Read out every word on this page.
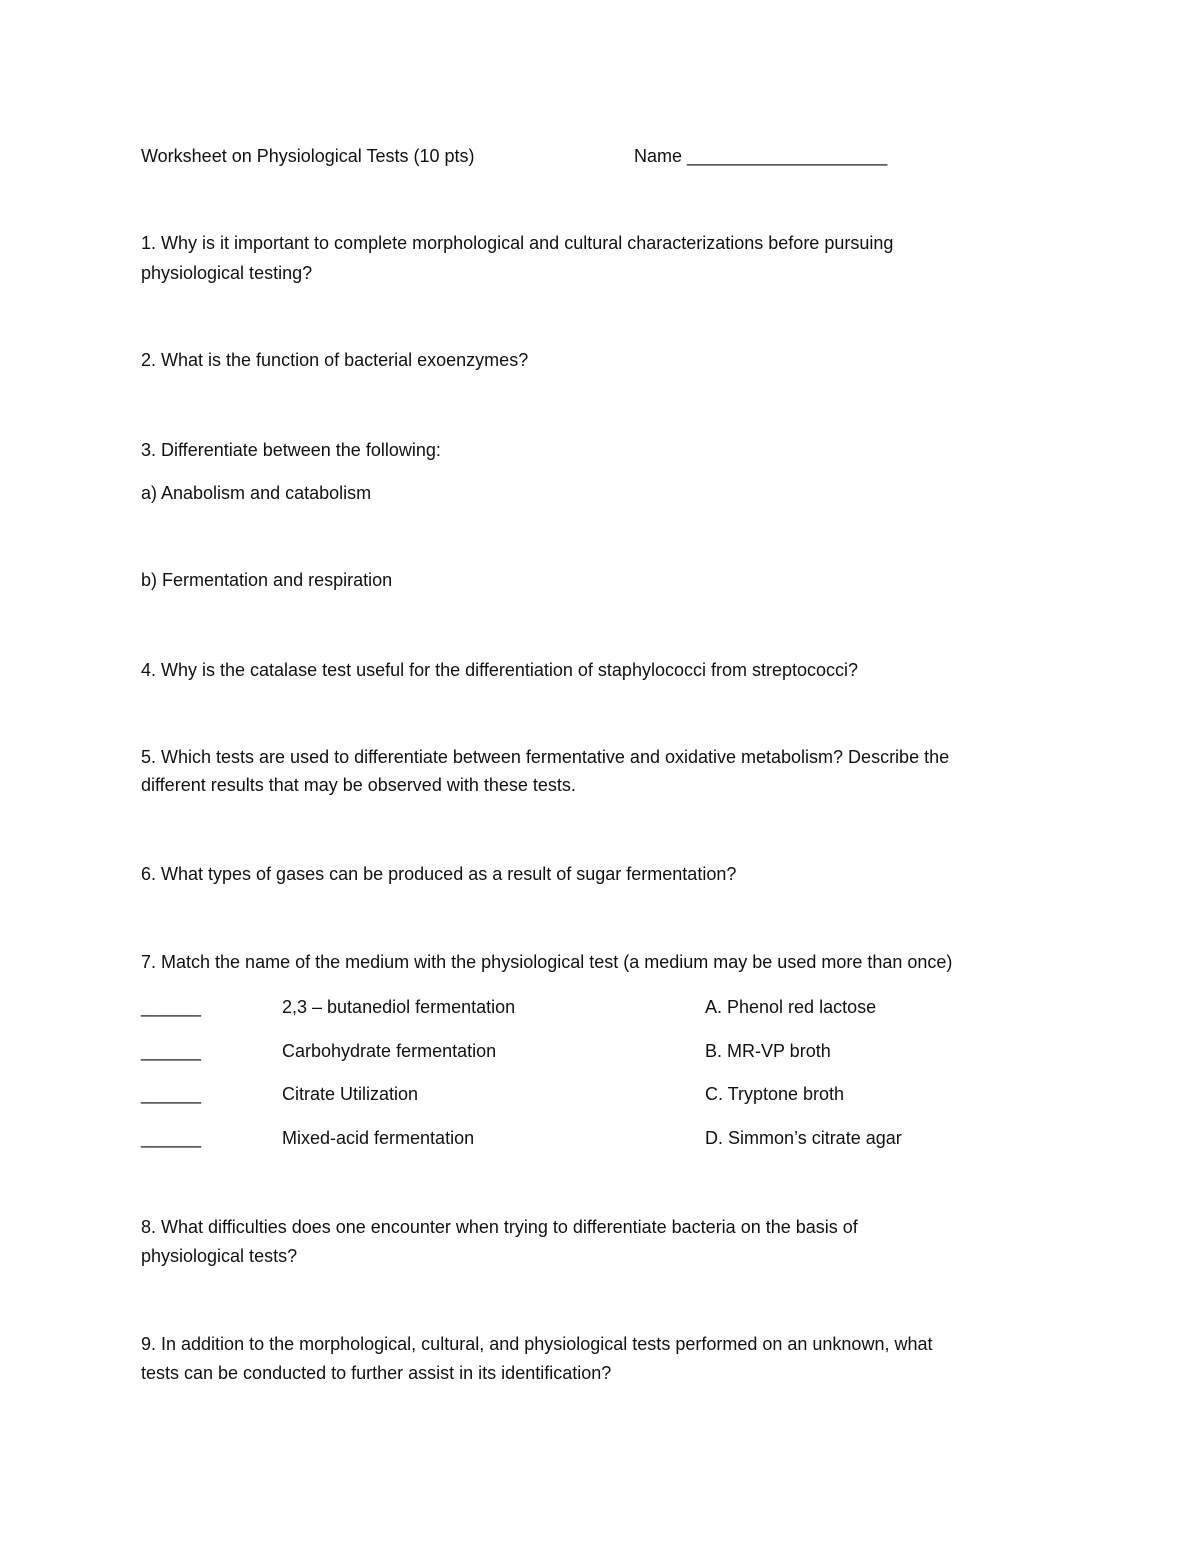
Worksheet on Physiological Tests (10 pts)	Name ____________________
1. Why is it important to complete morphological and cultural characterizations before pursuing
physiological testing?
2. What is the function of bacterial exoenzymes?
3. Differentiate between the following:
a) Anabolism and catabolism
b) Fermentation and respiration
4. Why is the catalase test useful for the differentiation of staphylococci from streptococci?
5. Which tests are used to differentiate between fermentative and oxidative metabolism? Describe the
different results that may be observed with these tests.
6. What types of gases can be produced as a result of sugar fermentation?
7. Match the name of the medium with the physiological test (a medium may be used more than once)
______	2,3 – butanediol fermentation	A. Phenol red lactose
______	Carbohydrate fermentation	B. MR-VP broth
______	Citrate Utilization	C. Tryptone broth
______	Mixed-acid fermentation	D. Simmon’s citrate agar
8. What difficulties does one encounter when trying to differentiate bacteria on the basis of
physiological tests?
9. In addition to the morphological, cultural, and physiological tests performed on an unknown, what
tests can be conducted to further assist in its identification?
